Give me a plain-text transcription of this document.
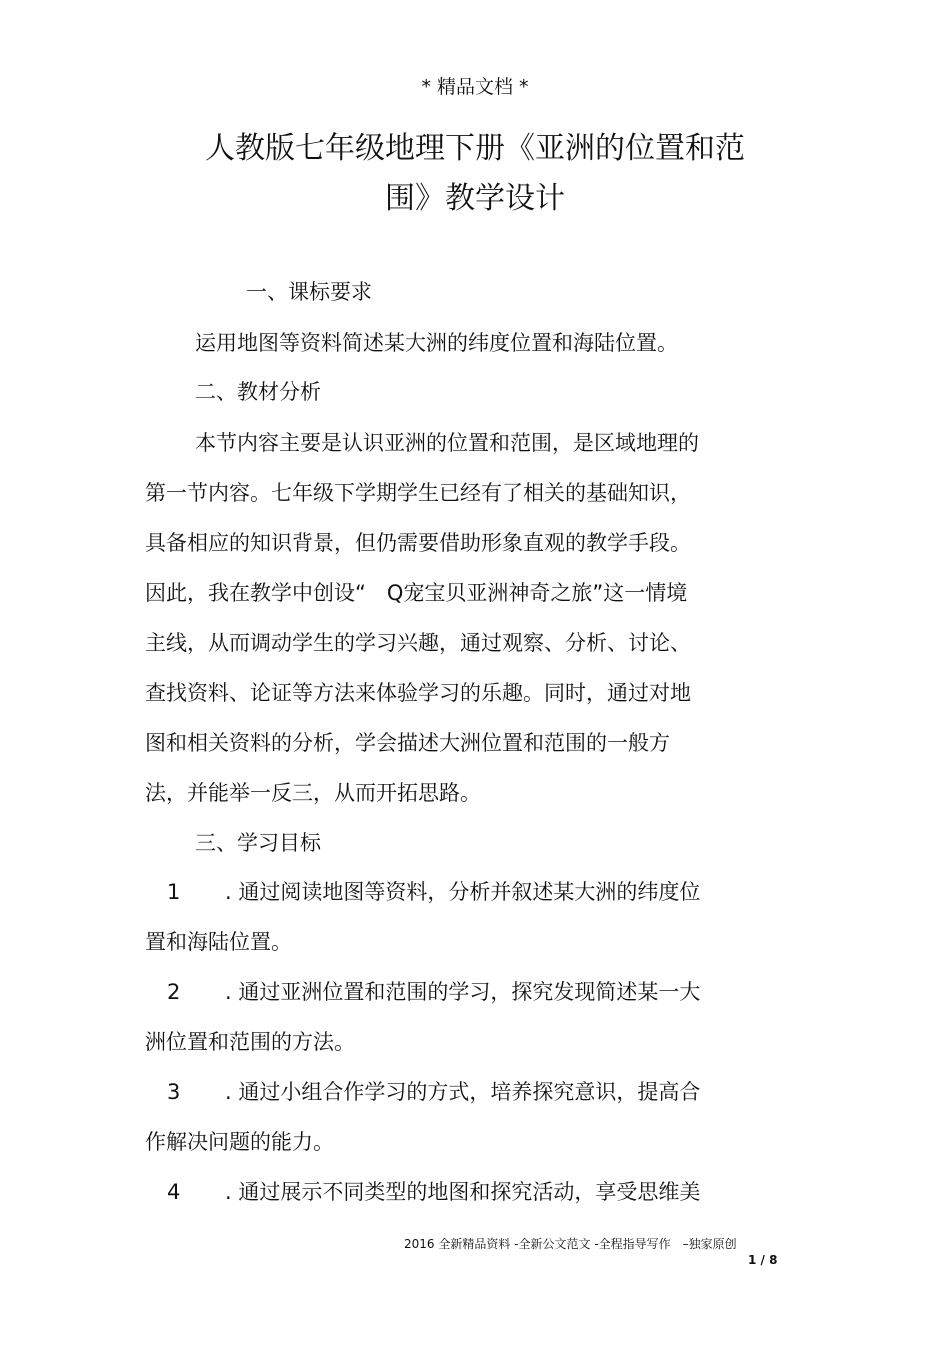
* 精品文档 *
人教版七年级地理下册《亚洲的位置和范
围》教学设计
一、课标要求
运用地图等资料简述某大洲的纬度位置和海陆位置。
二、教材分析
本节内容主要是认识亚洲的位置和范围，是区域地理的
第一节内容。七年级下学期学生已经有了相关的基础知识，
具备相应的知识背景，但仍需要借助形象直观的教学手段。
因此，我在教学中创设“　Q宠宝贝亚洲神奇之旅”这一情境
主线，从而调动学生的学习兴趣，通过观察、分析、讨论、
查找资料、论证等方法来体验学习的乐趣。同时，通过对地
图和相关资料的分析，学会描述大洲位置和范围的一般方
法，并能举一反三，从而开拓思路。
三、学习目标
1 . 通过阅读地图等资料，分析并叙述某大洲的纬度位
置和海陆位置。
2 . 通过亚洲位置和范围的学习，探究发现简述某一大
洲位置和范围的方法。
3 . 通过小组合作学习的方式，培养探究意识，提高合
作解决问题的能力。
4 . 通过展示不同类型的地图和探究活动，享受思维美
2016 全新精品资料 -全新公文范文 -全程指导写作　–独家原创
1 / 8
